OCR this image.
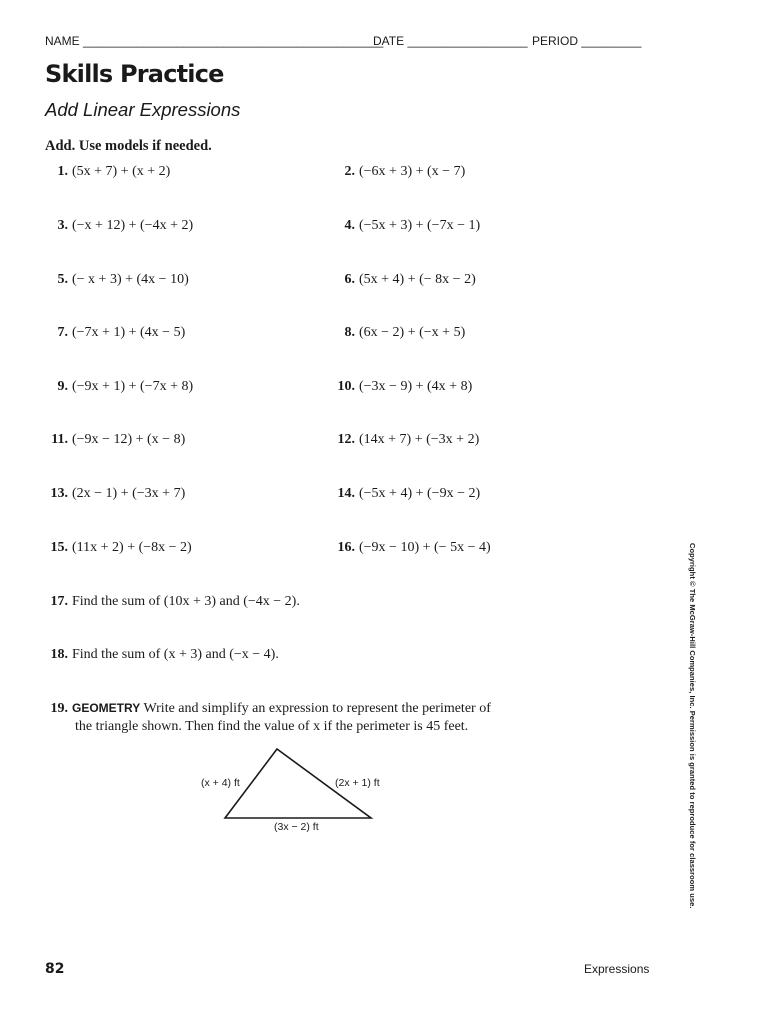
NAME _____________________________________________
DATE __________________ PERIOD _________
Skills Practice
Add Linear Expressions
Add. Use models if needed.
1. (5x + 7) + (x + 2)	2. (−6x + 3) + (x − 7)
3. (−x + 12) + (−4x + 2)	4. (−5x + 3) + (−7x − 1)
5. (− x + 3) + (4x − 10)	6. (5x + 4) + (− 8x − 2)
7. (−7x + 1) + (4x − 5)	8. (6x − 2) + (−x + 5)
9. (−9x + 1) + (−7x + 8)	10. (−3x − 9) + (4x + 8)
11. (−9x − 12) + (x − 8)	12. (14x + 7) + (−3x + 2)
13. (2x − 1) + (−3x + 7)	14. (−5x + 4) + (−9x − 2)
15. (11x + 2) + (−8x − 2)	16. (−9x − 10) + (− 5x − 4)
17. Find the sum of (10x + 3) and (−4x − 2).
18. Find the sum of (x + 3) and (−x − 4).
19. GEOMETRY Write and simplify an expression to represent the perimeter of
the triangle shown. Then find the value of x if the perimeter is 45 feet.
(x + 4) ft	(2x + 1) ft
(3x − 2) ft	Copyright © The McGraw-Hill Companies, Inc. Permission is granted to reproduce for classroom use.
82	Expressions
